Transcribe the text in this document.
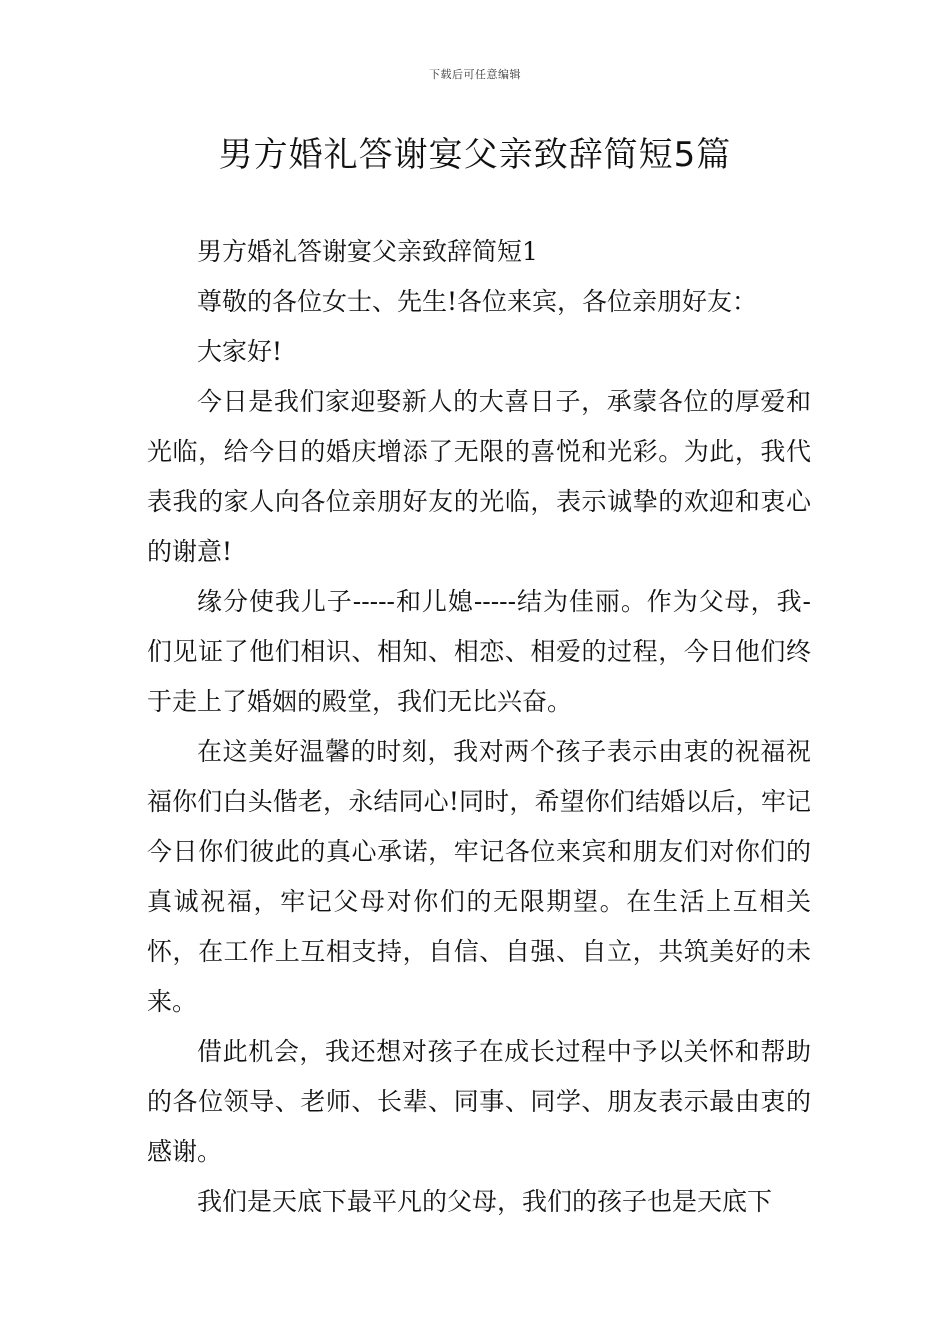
下载后可任意编辑
男方婚礼答谢宴父亲致辞简短5篇

男方婚礼答谢宴父亲致辞简短1

尊敬的各位女士、先生!各位来宾，各位亲朋好友：

大家好!

今日是我们家迎娶新人的大喜日子，承蒙各位的厚爱和光临，给今日的婚庆增添了无限的喜悦和光彩。为此，我代表我的家人向各位亲朋好友的光临，表示诚挚的欢迎和衷心的谢意!

缘分使我儿子-----和儿媳-----结为佳丽。作为父母，我-们见证了他们相识、相知、相恋、相爱的过程，今日他们终于走上了婚姻的殿堂，我们无比兴奋。

在这美好温馨的时刻，我对两个孩子表示由衷的祝福祝福你们白头偕老，永结同心!同时，希望你们结婚以后，牢记今日你们彼此的真心承诺，牢记各位来宾和朋友们对你们的真诚祝福，牢记父母对你们的无限期望。在生活上互相关怀，在工作上互相支持，自信、自强、自立，共筑美好的未来。

借此机会，我还想对孩子在成长过程中予以关怀和帮助的各位领导、老师、长辈、同事、同学、朋友表示最由衷的感谢。

我们是天底下最平凡的父母，我们的孩子也是天底下
